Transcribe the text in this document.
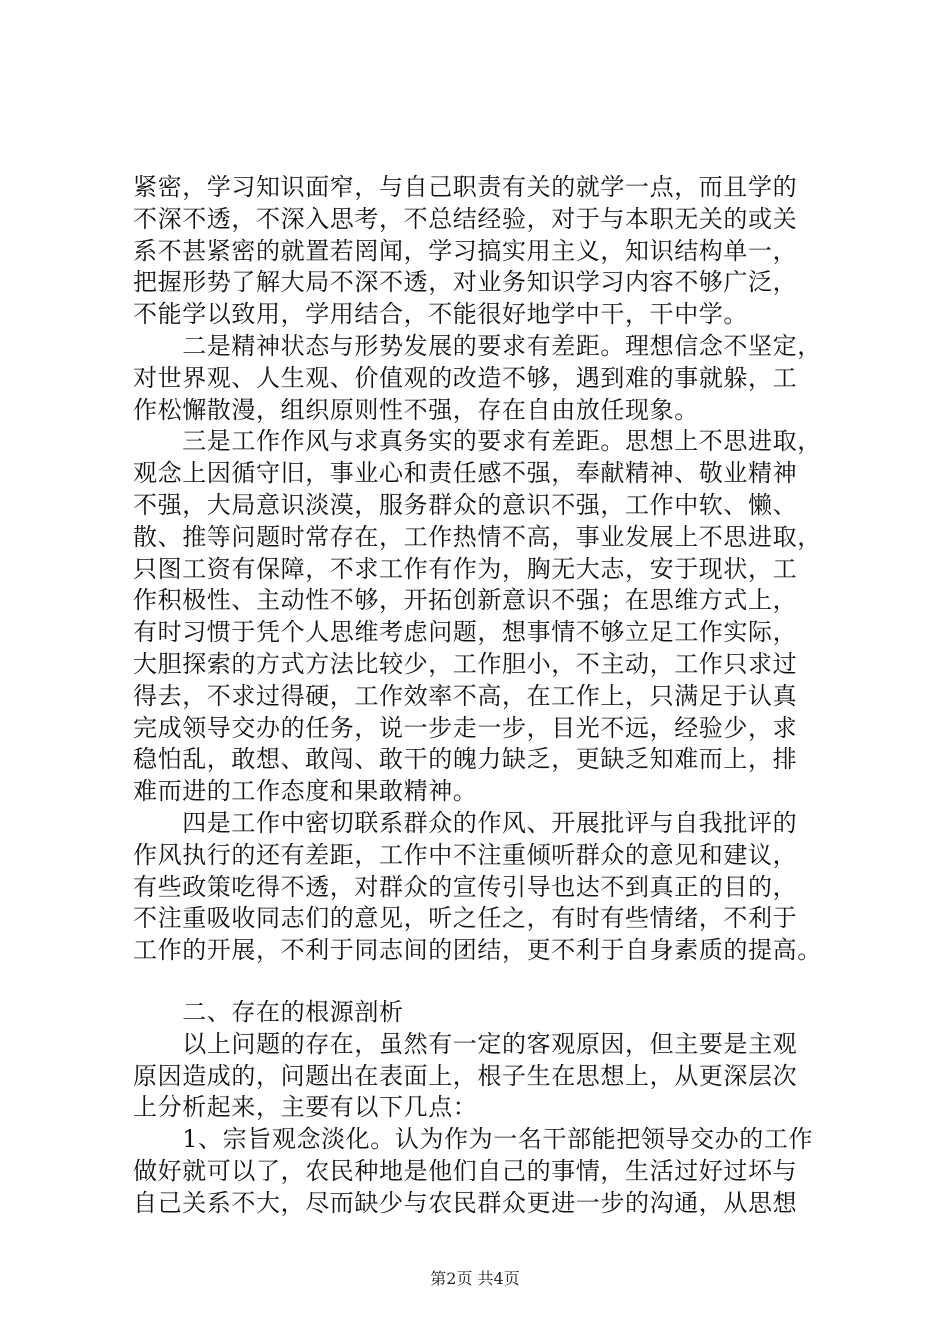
紧密，学习知识面窄，与自己职责有关的就学一点，而且学的
不深不透，不深入思考，不总结经验，对于与本职无关的或关
系不甚紧密的就置若罔闻，学习搞实用主义，知识结构单一，
把握形势了解大局不深不透，对业务知识学习内容不够广泛，
不能学以致用，学用结合，不能很好地学中干，干中学。
　　二是精神状态与形势发展的要求有差距。理想信念不坚定，
对世界观、人生观、价值观的改造不够，遇到难的事就躲，工
作松懈散漫，组织原则性不强，存在自由放任现象。
　　三是工作作风与求真务实的要求有差距。思想上不思进取，
观念上因循守旧，事业心和责任感不强，奉献精神、敬业精神
不强，大局意识淡漠，服务群众的意识不强，工作中软、懒、
散、推等问题时常存在，工作热情不高，事业发展上不思进取，
只图工资有保障，不求工作有作为，胸无大志，安于现状，工
作积极性、主动性不够，开拓创新意识不强；在思维方式上，
有时习惯于凭个人思维考虑问题，想事情不够立足工作实际，
大胆探索的方式方法比较少，工作胆小，不主动，工作只求过
得去，不求过得硬，工作效率不高，在工作上，只满足于认真
完成领导交办的任务，说一步走一步，目光不远，经验少，求
稳怕乱，敢想、敢闯、敢干的魄力缺乏，更缺乏知难而上，排
难而进的工作态度和果敢精神。
　　四是工作中密切联系群众的作风、开展批评与自我批评的
作风执行的还有差距，工作中不注重倾听群众的意见和建议，
有些政策吃得不透，对群众的宣传引导也达不到真正的目的，
不注重吸收同志们的意见，听之任之，有时有些情绪，不利于
工作的开展，不利于同志间的团结，更不利于自身素质的提高。
　　二、存在的根源剖析
　　以上问题的存在，虽然有一定的客观原因，但主要是主观
原因造成的，问题出在表面上，根子生在思想上，从更深层次
上分析起来，主要有以下几点：
　　1、宗旨观念淡化。认为作为一名干部能把领导交办的工作
做好就可以了，农民种地是他们自己的事情，生活过好过坏与
自己关系不大，尽而缺少与农民群众更进一步的沟通，从思想
第2页 共4页
